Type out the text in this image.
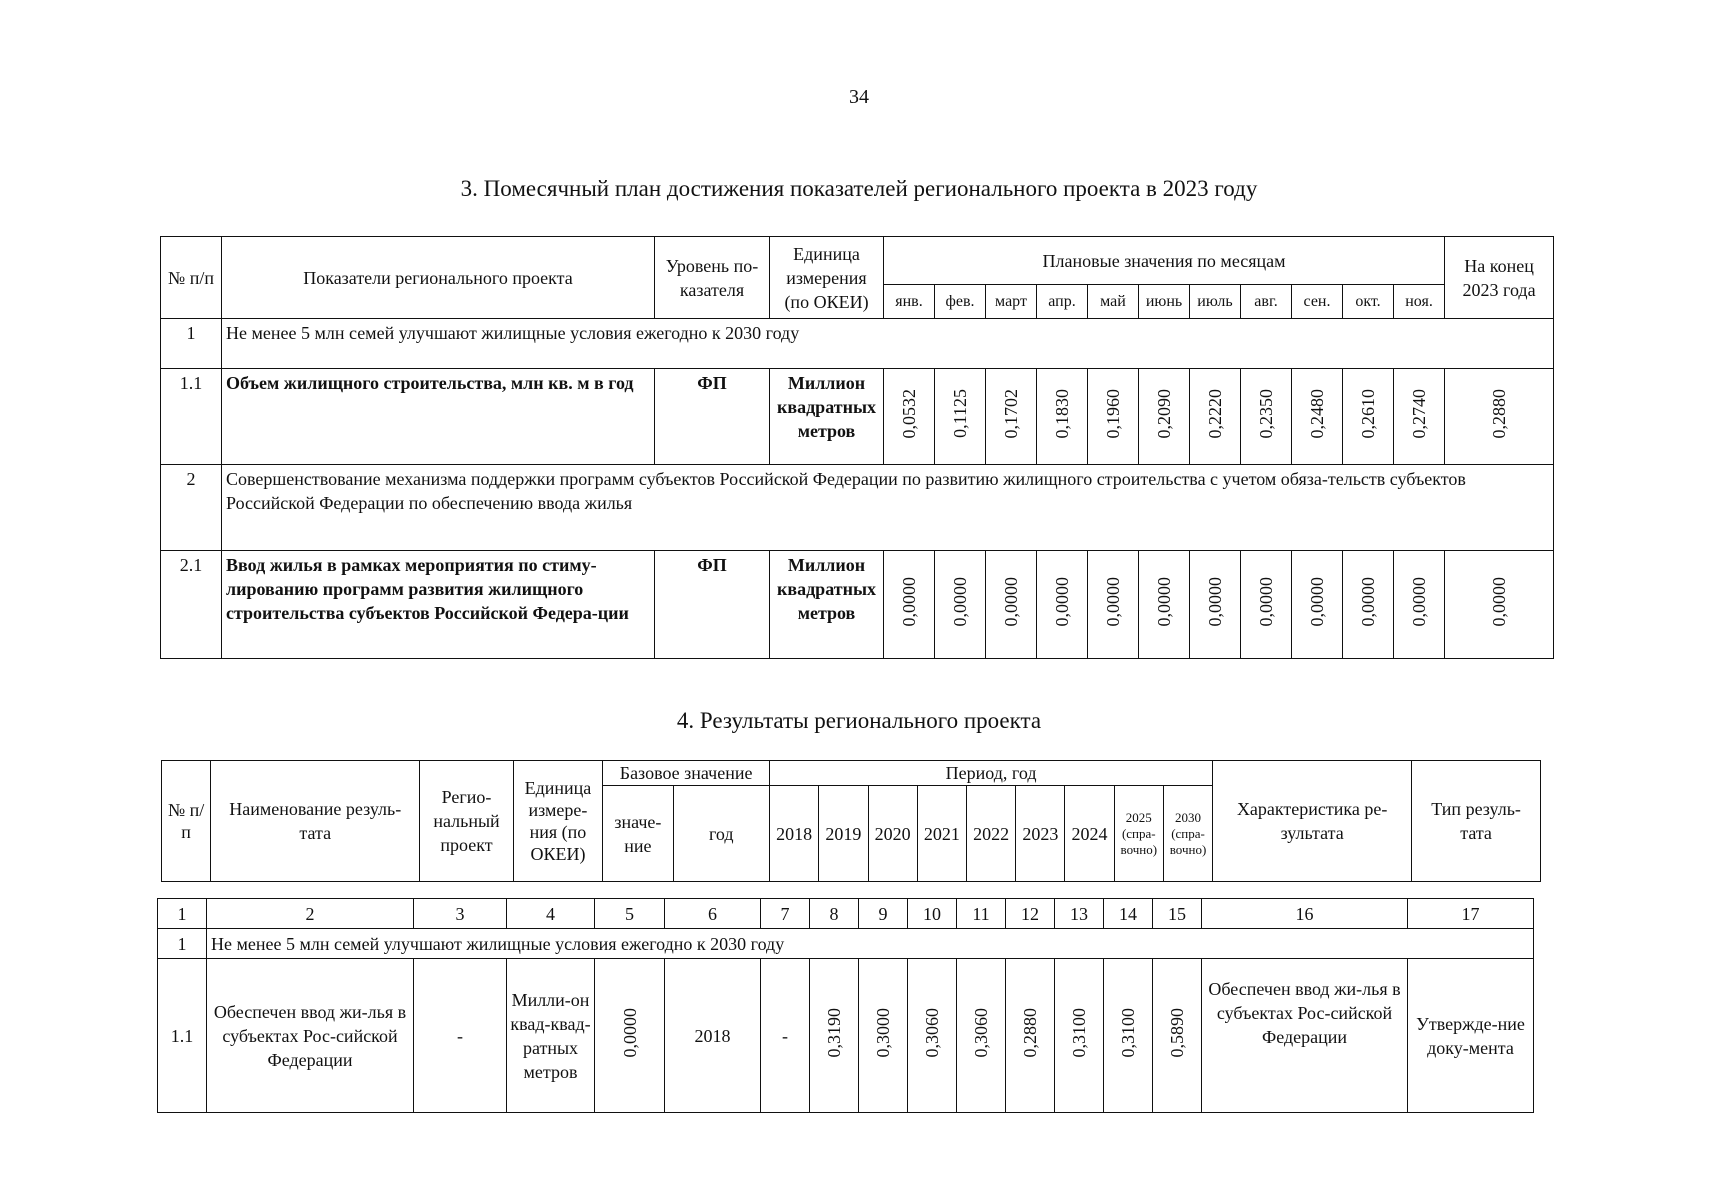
34
3. Помесячный план достижения показателей регионального проекта в 2023 году
№ п/п	Показатели регионального проекта	Уровень по-казателя	Единица измерения (по ОКЕИ)	Плановые значения по месяцам											На конец 2023 года
				янв.	фев.	март	апр.	май	июнь	июль	авг.	сен.	окт.	ноя.	
1	Не менее 5 млн семей улучшают жилищные условия ежегодно к 2030 году														
1.1	Объем жилищного строительства, млн кв. м в год	ФП	Миллион квадратных метров	0,0532	0,1125	0,1702	0,1830	0,1960	0,2090	0,2220	0,2350	0,2480	0,2610	0,2740	0,2880
2	Совершенствование механизма поддержки программ субъектов Российской Федерации по развитию жилищного строительства с учетом обяза-тельств субъектов Российской Федерации по обеспечению ввода жилья														
2.1	Ввод жилья в рамках мероприятия по стиму-лированию программ развития жилищного строительства субъектов Российской Федера-ции	ФП	Миллион квадратных метров	0,0000	0,0000	0,0000	0,0000	0,0000	0,0000	0,0000	0,0000	0,0000	0,0000	0,0000	0,0000
4. Результаты регионального проекта
№ п/п	Наименование резуль-тата	Регио-нальный проект	Единица измере-ния (по ОКЕИ)	Базовое значение		Период, год									Характеристика ре-зультата	Тип резуль-тата
				значе-ние	год	2018	2019	2020	2021	2022	2023	2024	2025 (спра-вочно)	2030 (спра-вочно)		
1	2	3	4	5	6	7	8	9	10	11	12	13	14	15	16	17
1	Не менее 5 млн семей улучшают жилищные условия ежегодно к 2030 году															
1.1	Обеспечен ввод жи-лья в субъектах Рос-сийской Федерации	-	Милли-он квад-квад-ратных метров	0,0000	2018	-	0,3190	0,3000	0,3060	0,3060	0,2880	0,3100	0,3100	0,5890	Обеспечен ввод жи-лья в субъектах Рос-сийской Федерации	Утвержде-ние доку-мента
